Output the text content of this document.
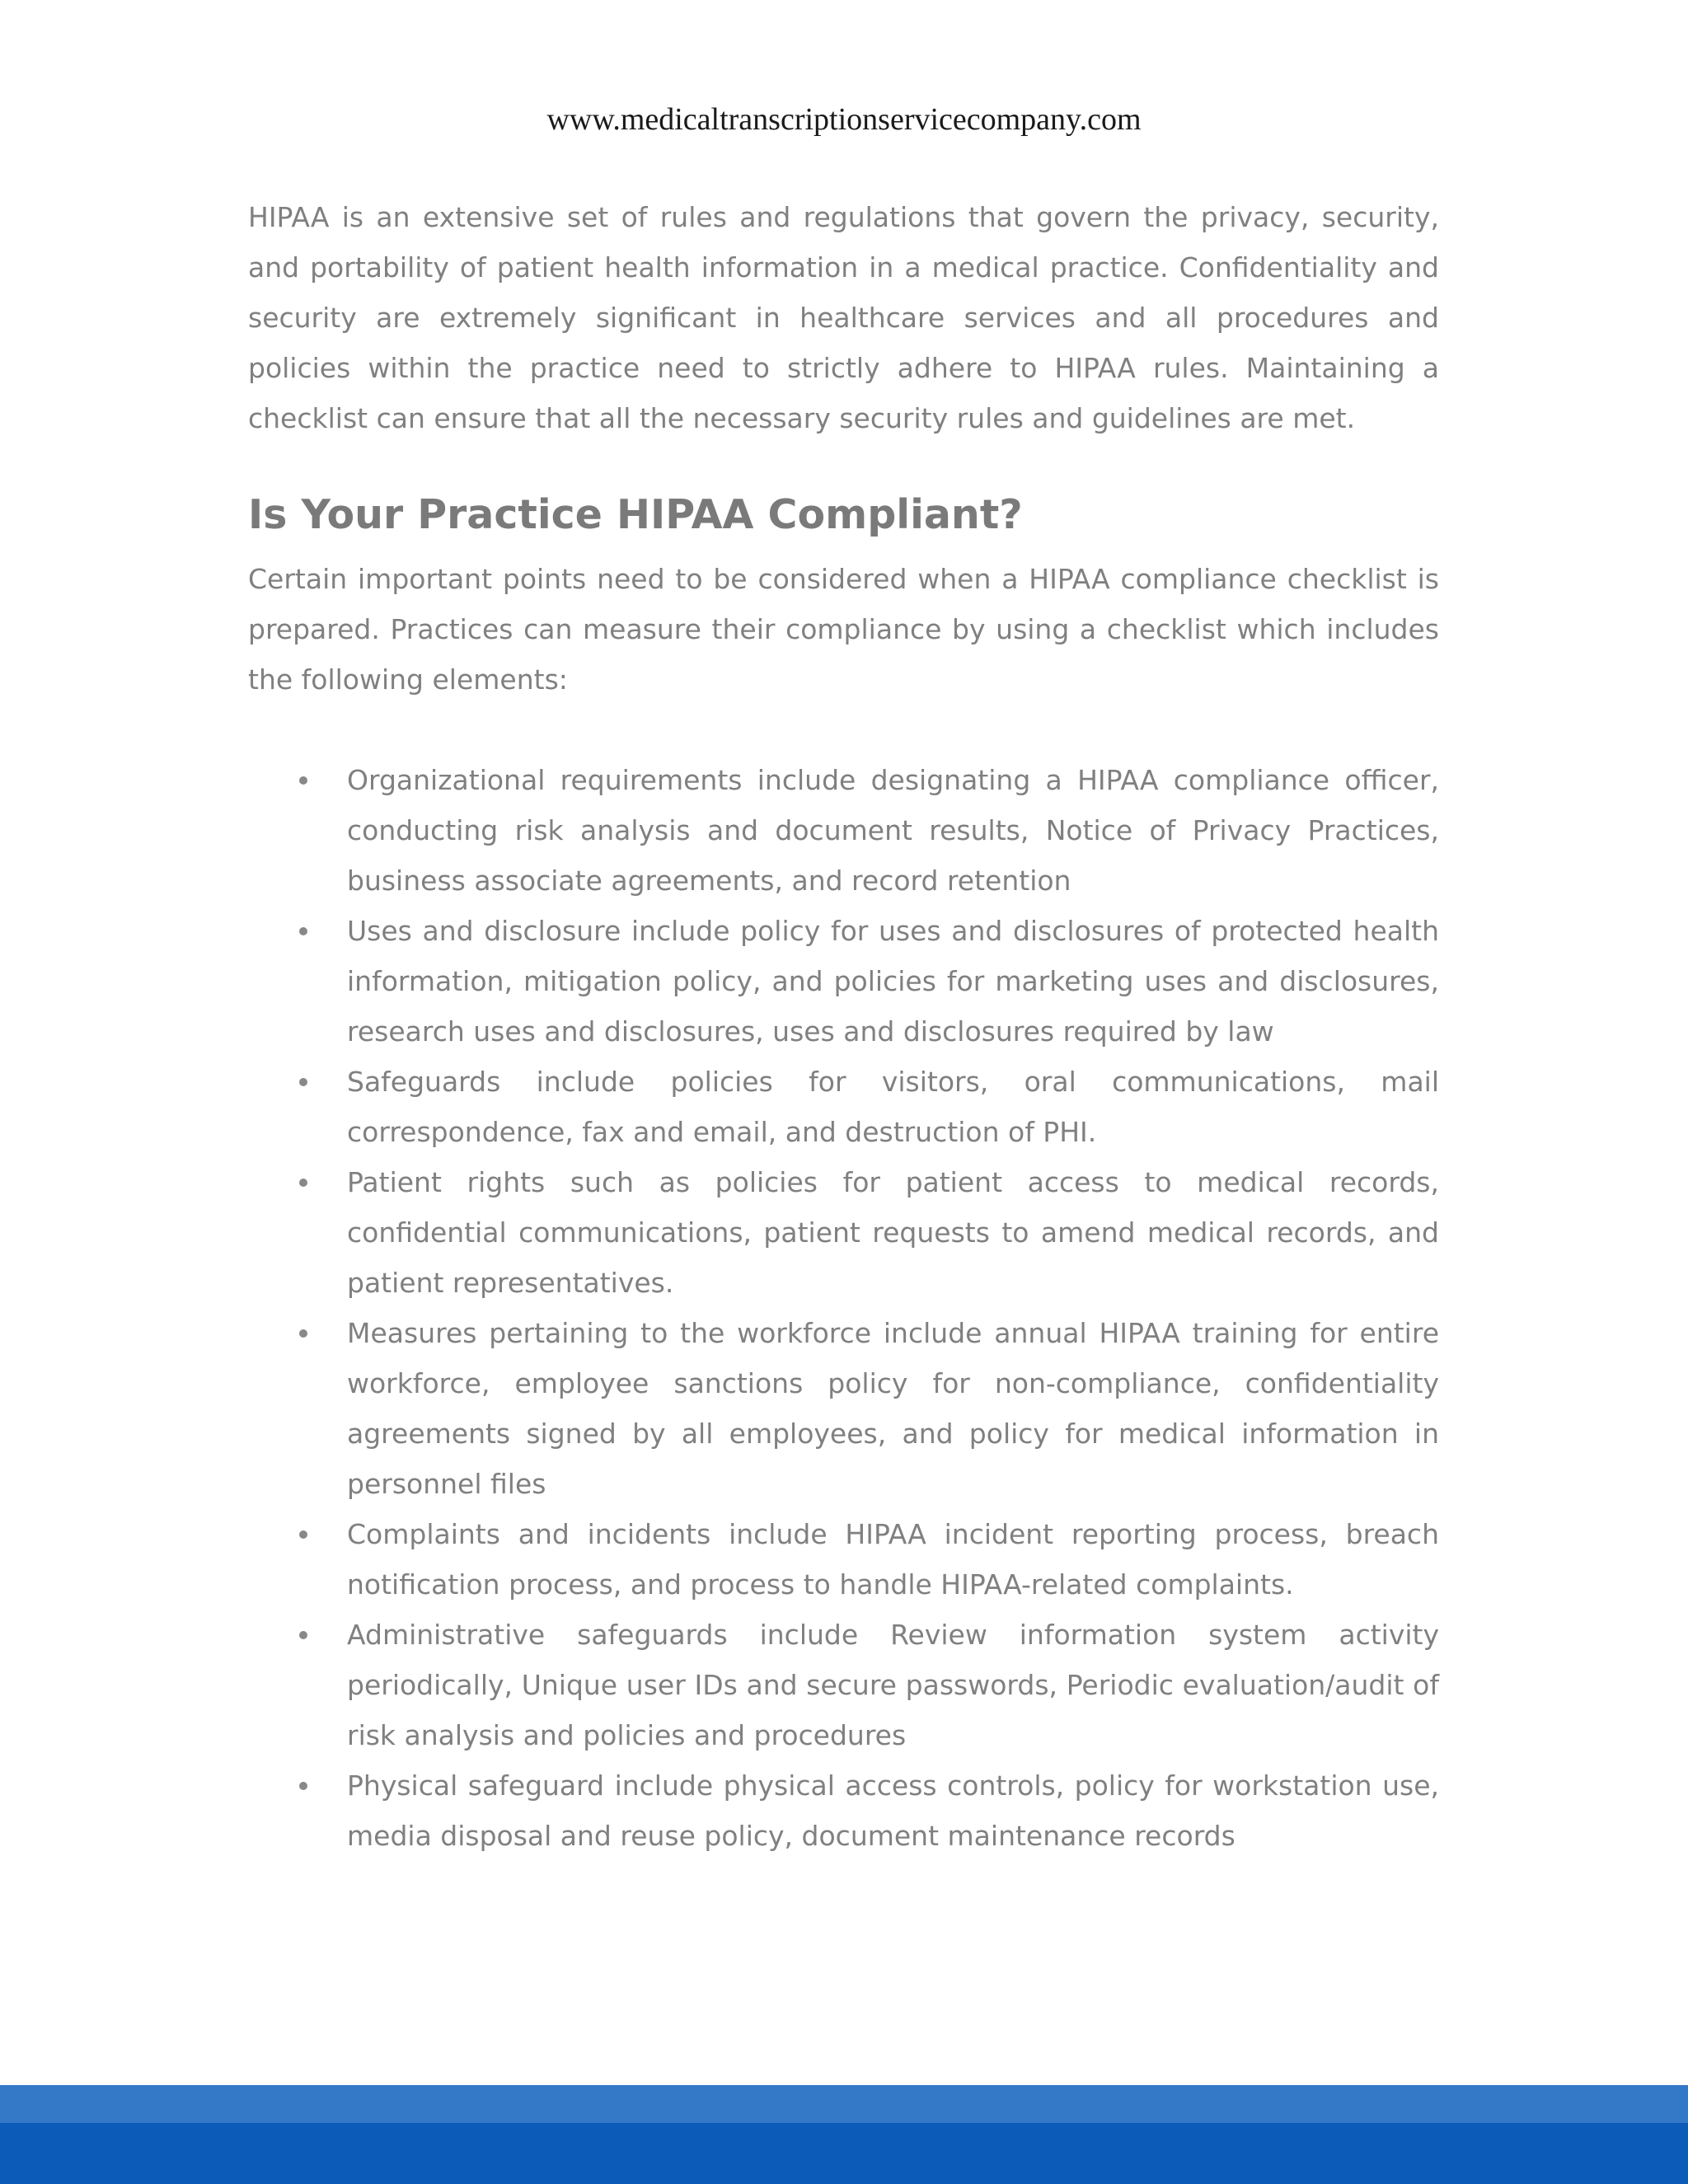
www.medicaltranscriptionservicecompany.com

HIPAA is an extensive set of rules and regulations that govern the privacy, security, and portability of patient health information in a medical practice. Confidentiality and security are extremely significant in healthcare services and all procedures and policies within the practice need to strictly adhere to HIPAA rules. Maintaining a checklist can ensure that all the necessary security rules and guidelines are met.

Is Your Practice HIPAA Compliant?

Certain important points need to be considered when a HIPAA compliance checklist is prepared. Practices can measure their compliance by using a checklist which includes the following elements:

Organizational requirements include designating a HIPAA compliance officer, conducting risk analysis and document results, Notice of Privacy Practices, business associate agreements, and record retention
Uses and disclosure include policy for uses and disclosures of protected health information, mitigation policy, and policies for marketing uses and disclosures, research uses and disclosures, uses and disclosures required by law
Safeguards include policies for visitors, oral communications, mail correspondence, fax and email, and destruction of PHI.
Patient rights such as policies for patient access to medical records, confidential communications, patient requests to amend medical records, and patient representatives.
Measures pertaining to the workforce include annual HIPAA training for entire workforce, employee sanctions policy for non-compliance, confidentiality agreements signed by all employees, and policy for medical information in personnel files
Complaints and incidents include HIPAA incident reporting process, breach notification process, and process to handle HIPAA-related complaints.
Administrative safeguards include Review information system activity periodically, Unique user IDs and secure passwords, Periodic evaluation/audit of risk analysis and policies and procedures
Physical safeguard include physical access controls, policy for workstation use, media disposal and reuse policy, document maintenance records
